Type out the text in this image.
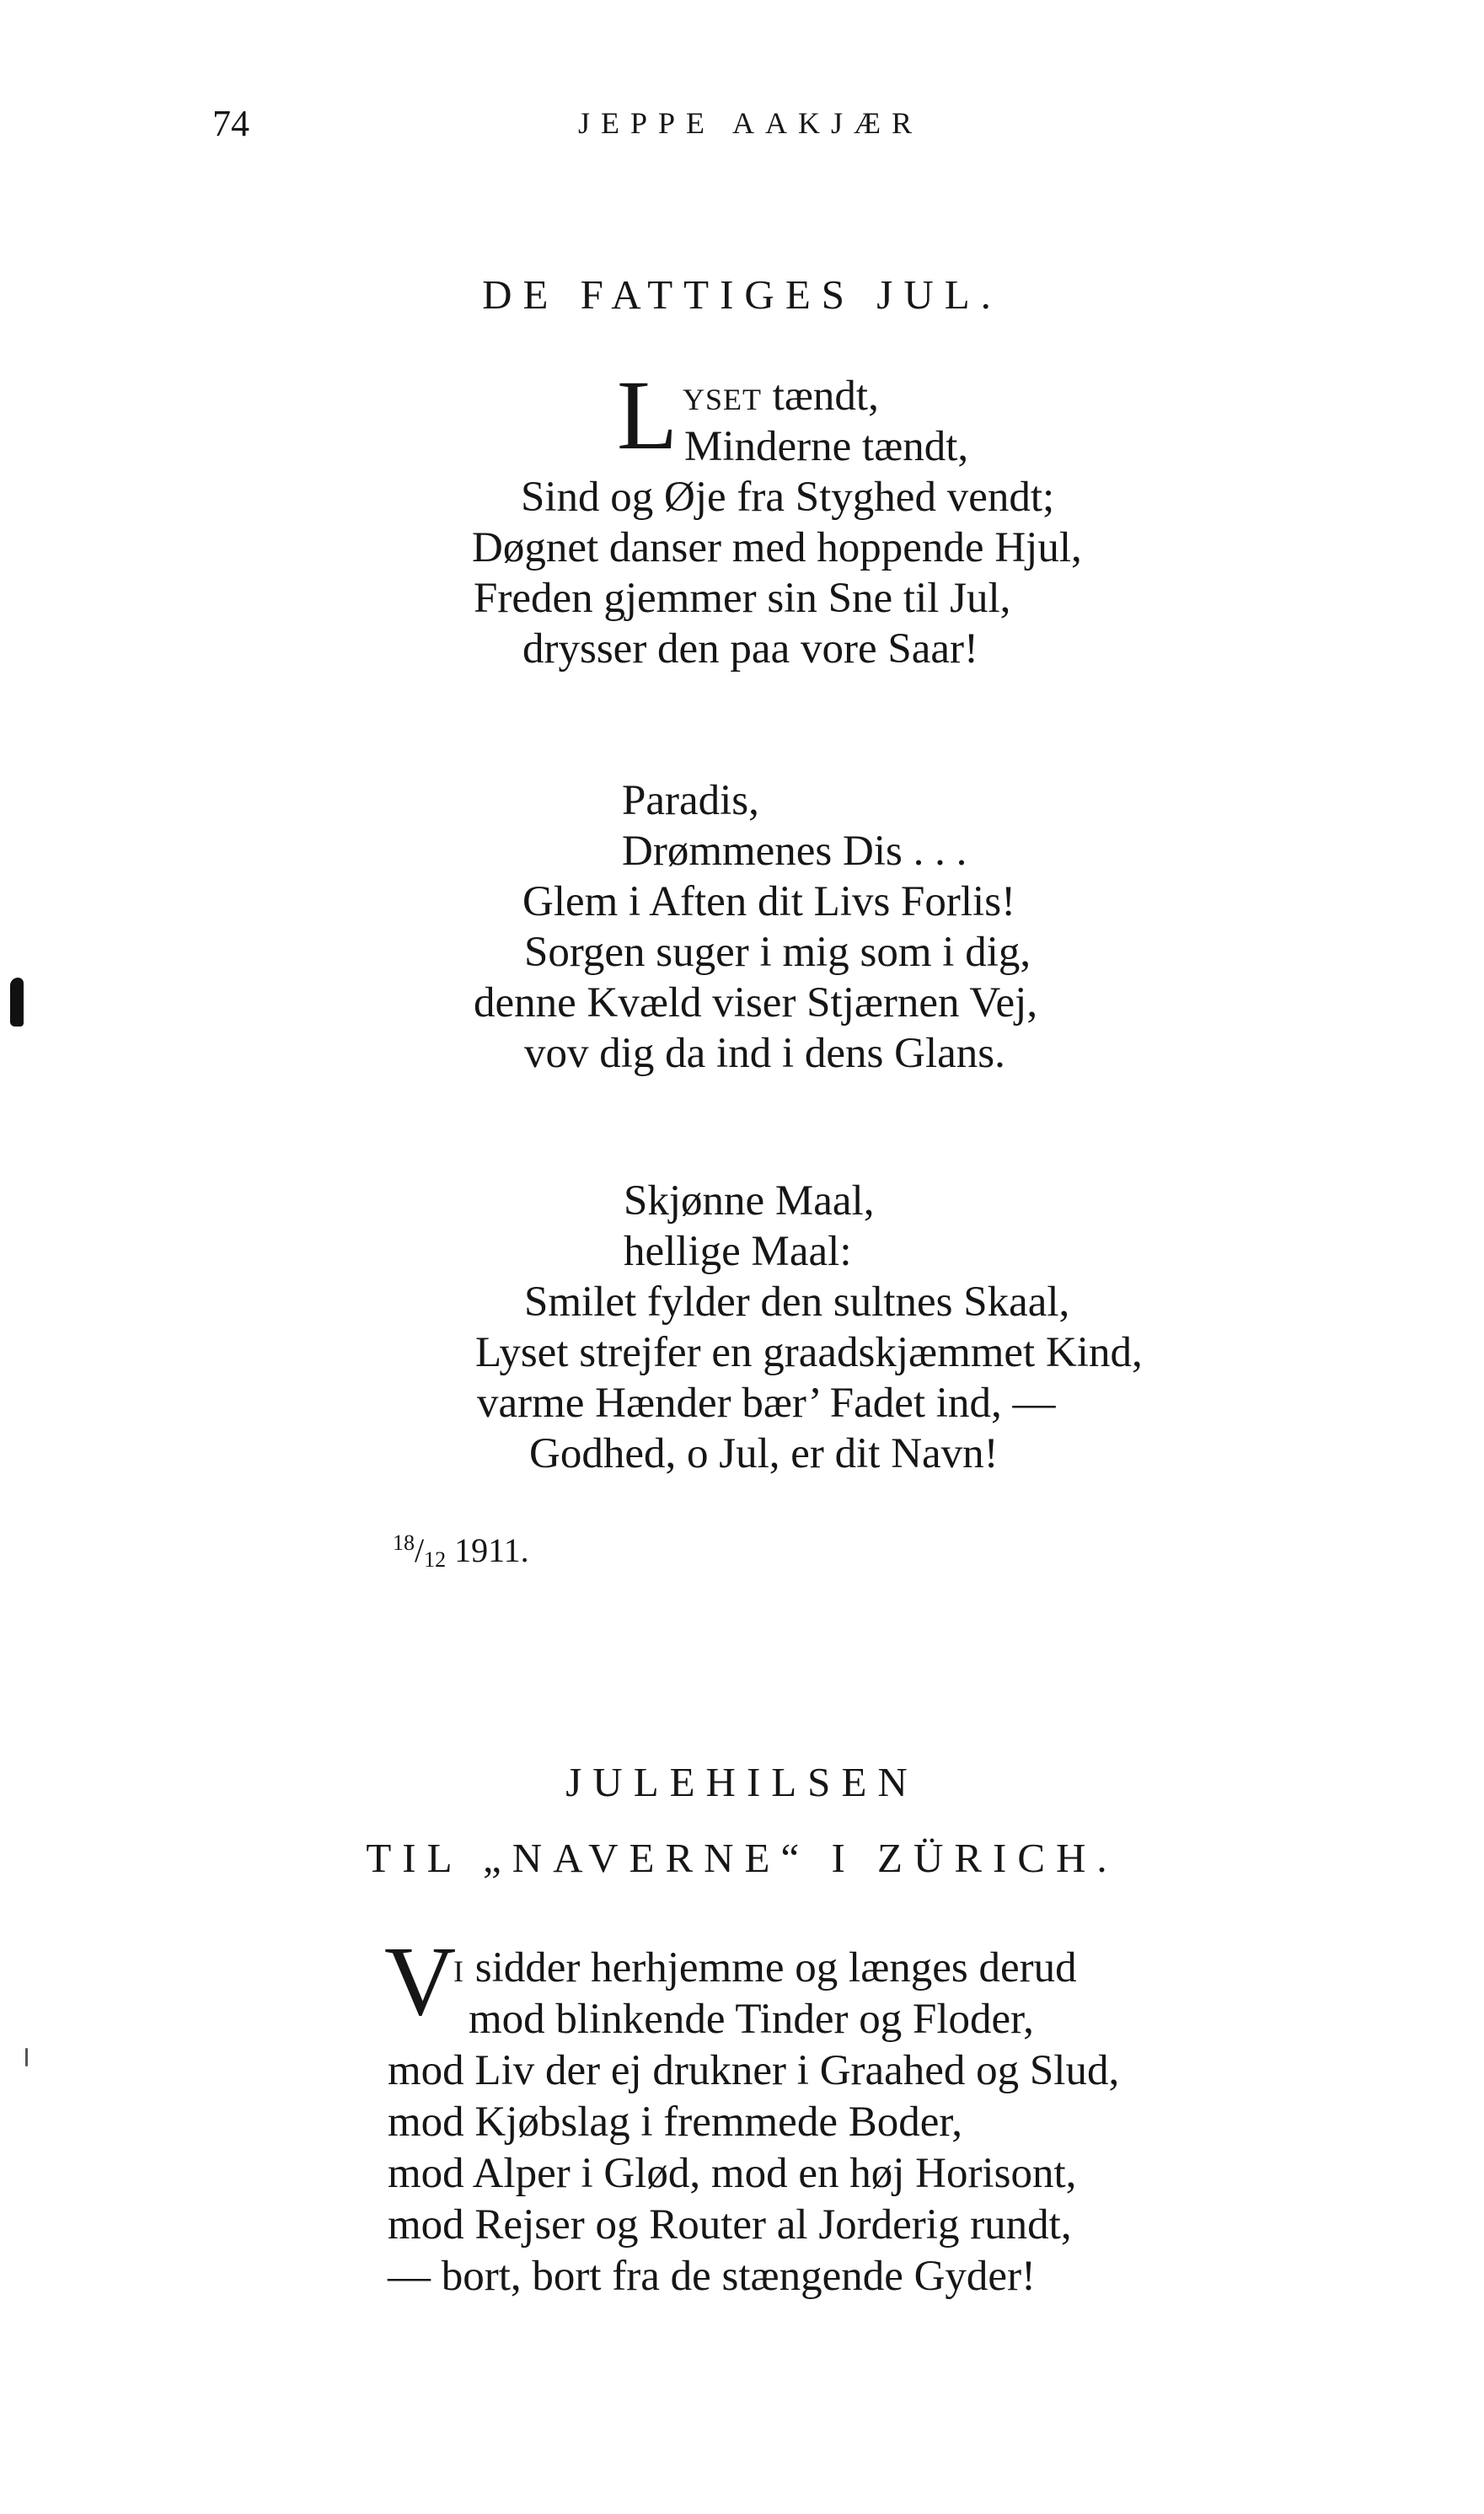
74	JEPPE AAKJÆR
DE FATTIGES JUL.
L YSET tændt,
Minderne tændt,
Sind og Øje fra Styghed vendt;
Døgnet danser med hoppende Hjul,
Freden gjemmer sin Sne til Jul,
drysser den paa vore Saar!
Paradis,
Drømmenes Dis . . .
Glem i Aften dit Livs Forlis!
Sorgen suger i mig som i dig,
denne Kvæld viser Stjærnen Vej,
vov dig da ind i dens Glans.
Skjønne Maal,
hellige Maal:
Smilet fylder den sultnes Skaal,
Lyset strejfer en graadskjæmmet Kind,
varme Hænder bær’ Fadet ind, —
Godhed, o Jul, er dit Navn!
$^{18}/_{12}$ 1911.
JULEHILSEN
TIL „NAVERNE“ I ZÜRICH.
V
I sidder herhjemme og længes derud
mod blinkende Tinder og Floder,
mod Liv der ej drukner i Graahed og Slud,
mod Kjøbslag i fremmede Boder,
mod Alper i Glød, mod en høj Horisont,
mod Rejser og Router al Jorderig rundt,
— bort, bort fra de stængende Gyder!
